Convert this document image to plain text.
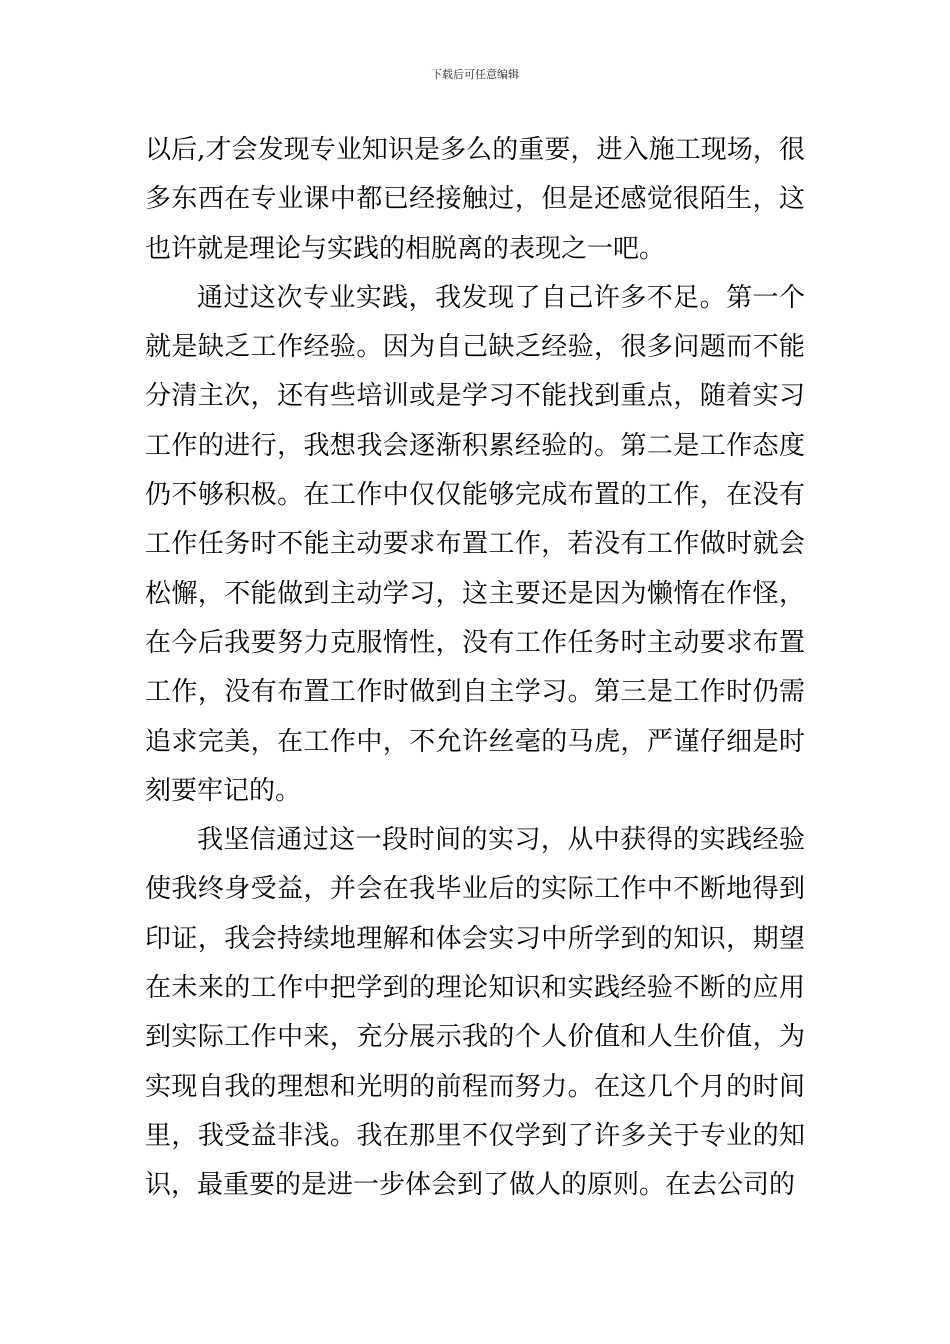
下载后可任意编辑

以后,才会发现专业知识是多么的重要，进入施工现场，很多东西在专业课中都已经接触过，但是还感觉很陌生，这也许就是理论与实践的相脱离的表现之一吧。

通过这次专业实践，我发现了自己许多不足。第一个就是缺乏工作经验。因为自己缺乏经验，很多问题而不能分清主次，还有些培训或是学习不能找到重点，随着实习工作的进行，我想我会逐渐积累经验的。第二是工作态度仍不够积极。在工作中仅仅能够完成布置的工作，在没有工作任务时不能主动要求布置工作，若没有工作做时就会松懈，不能做到主动学习，这主要还是因为懒惰在作怪，在今后我要努力克服惰性，没有工作任务时主动要求布置工作，没有布置工作时做到自主学习。第三是工作时仍需追求完美，在工作中，不允许丝毫的马虎，严谨仔细是时刻要牢记的。

我坚信通过这一段时间的实习，从中获得的实践经验使我终身受益，并会在我毕业后的实际工作中不断地得到印证，我会持续地理解和体会实习中所学到的知识，期望在未来的工作中把学到的理论知识和实践经验不断的应用到实际工作中来，充分展示我的个人价值和人生价值，为实现自我的理想和光明的前程而努力。在这几个月的时间里，我受益非浅。我在那里不仅学到了许多关于专业的知识，最重要的是进一步体会到了做人的原则。在去公司的
